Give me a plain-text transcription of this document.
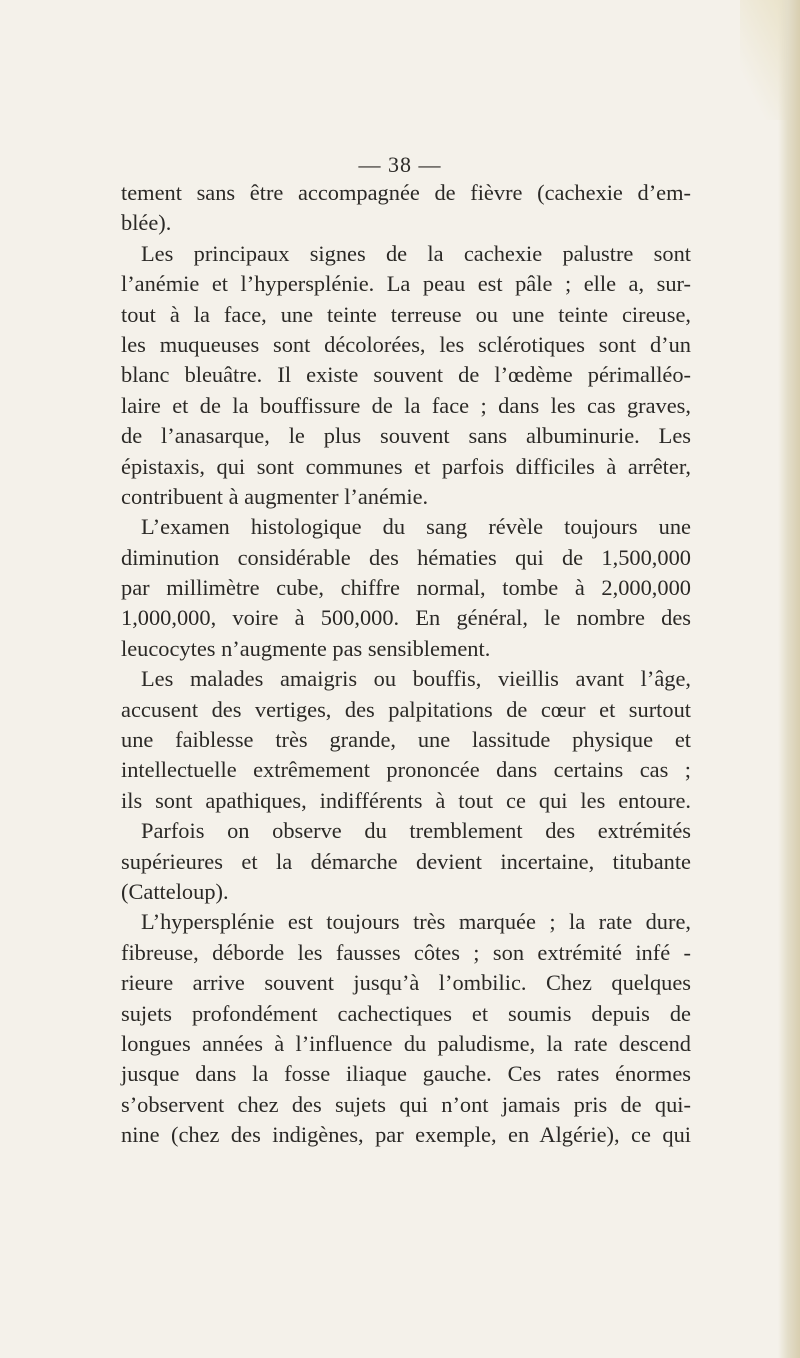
— 38 —
tement sans être accompagnée de fièvre (cachexie d’em-
blée).
Les principaux signes de la cachexie palustre sont
l’anémie et l’hypersplénie. La peau est pâle ; elle a, sur-
tout à la face, une teinte terreuse ou une teinte cireuse,
les muqueuses sont décolorées, les sclérotiques sont d’un
blanc bleuâtre. Il existe souvent de l’œdème périmalléo-
laire et de la bouffissure de la face ; dans les cas graves,
de l’anasarque, le plus souvent sans albuminurie. Les
épistaxis, qui sont communes et parfois difficiles à arrêter,
contribuent à augmenter l’anémie.
L’examen histologique du sang révèle toujours une
diminution considérable des hématies qui de 1,500,000
par millimètre cube, chiffre normal, tombe à 2,000,000
1,000,000, voire à 500,000. En général, le nombre des
leucocytes n’augmente pas sensiblement.
Les malades amaigris ou bouffis, vieillis avant l’âge,
accusent des vertiges, des palpitations de cœur et surtout
une faiblesse très grande, une lassitude physique et
intellectuelle extrêmement prononcée dans certains cas ;
ils sont apathiques, indifférents à tout ce qui les entoure.
Parfois on observe du tremblement des extrémités
supérieures et la démarche devient incertaine, titubante
(Catteloup).
L’hypersplénie est toujours très marquée ; la rate dure,
fibreuse, déborde les fausses côtes ; son extrémité infé -
rieure arrive souvent jusqu’à l’ombilic. Chez quelques
sujets profondément cachectiques et soumis depuis de
longues années à l’influence du paludisme, la rate descend
jusque dans la fosse iliaque gauche. Ces rates énormes
s’observent chez des sujets qui n’ont jamais pris de qui-
nine (chez des indigènes, par exemple, en Algérie), ce qui
